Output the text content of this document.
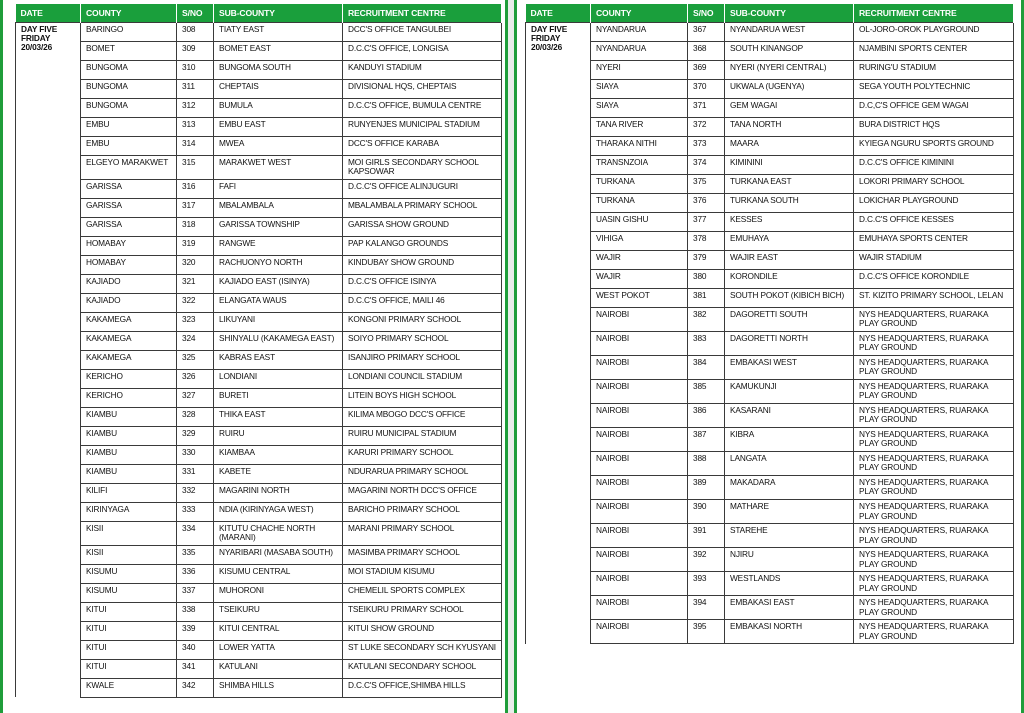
DATE	COUNTY	S/NO	SUB-COUNTY	RECRUITMENT CENTRE

DAY FIVE
FRIDAY
20/03/26	BARINGO	308	TIATY EAST	DCC'S OFFICE TANGULBEI
	BOMET	309	BOMET EAST	D.C.C'S OFFICE, LONGISA
	BUNGOMA	310	BUNGOMA SOUTH	KANDUYI STADIUM
	BUNGOMA	311	CHEPTAIS	DIVISIONAL HQS, CHEPTAIS
	BUNGOMA	312	BUMULA	D.C.C'S OFFICE, BUMULA CENTRE
	EMBU	313	EMBU EAST	RUNYENJES MUNICIPAL STADIUM
	EMBU	314	MWEA	DCC'S OFFICE KARABA
	ELGEYO MARAKWET	315	MARAKWET WEST	MOI GIRLS SECONDARY SCHOOL KAPSOWAR
	GARISSA	316	FAFI	D.C.C'S OFFICE ALINJUGURI
	GARISSA	317	MBALAMBALA	MBALAMBALA PRIMARY SCHOOL
	GARISSA	318	GARISSA TOWNSHIP	GARISSA SHOW GROUND
	HOMABAY	319	RANGWE	PAP KALANGO GROUNDS
	HOMABAY	320	RACHUONYO NORTH	KINDUBAY SHOW GROUND
	KAJIADO	321	KAJIADO EAST (ISINYA)	D.C.C'S OFFICE ISINYA
	KAJIADO	322	ELANGATA WAUS	D.C.C'S OFFICE, MAILI 46
	KAKAMEGA	323	LIKUYANI	KONGONI PRIMARY SCHOOL
	KAKAMEGA	324	SHINYALU (KAKAMEGA EAST)	SOIYO PRIMARY SCHOOL
	KAKAMEGA	325	KABRAS EAST	ISANJIRO PRIMARY SCHOOL
	KERICHO	326	LONDIANI	LONDIANI COUNCIL STADIUM
	KERICHO	327	BURETI	LITEIN BOYS HIGH SCHOOL
	KIAMBU	328	THIKA EAST	KILIMA MBOGO DCC'S OFFICE
	KIAMBU	329	RUIRU	RUIRU MUNICIPAL STADIUM
	KIAMBU	330	KIAMBAA	KARURI PRIMARY SCHOOL
	KIAMBU	331	KABETE	NDURARUA PRIMARY SCHOOL
	KILIFI	332	MAGARINI NORTH	MAGARINI NORTH DCC'S OFFICE
	KIRINYAGA	333	NDIA (KIRINYAGA WEST)	BARICHO PRIMARY SCHOOL
	KISII	334	KITUTU CHACHE NORTH (MARANI)	MARANI PRIMARY SCHOOL
	KISII	335	NYARIBARI (MASABA SOUTH)	MASIMBA PRIMARY SCHOOL
	KISUMU	336	KISUMU CENTRAL	MOI STADIUM KISUMU
	KISUMU	337	MUHORONI	CHEMELIL SPORTS COMPLEX
	KITUI	338	TSEIKURU	TSEIKURU PRIMARY SCHOOL
	KITUI	339	KITUI CENTRAL	KITUI SHOW GROUND
	KITUI	340	LOWER YATTA	ST LUKE SECONDARY SCH KYUSYANI
	KITUI	341	KATULANI	KATULANI SECONDARY SCHOOL
	KWALE	342	SHIMBA HILLS	D.C.C'S OFFICE,SHIMBA HILLS
DATE	COUNTY	S/NO	SUB-COUNTY	RECRUITMENT CENTRE

DAY FIVE
FRIDAY
20/03/26	NYANDARUA	367	NYANDARUA WEST	OL-JORO-OROK PLAYGROUND
	NYANDARUA	368	SOUTH KINANGOP	NJAMBINI SPORTS CENTER
	NYERI	369	NYERI (NYERI CENTRAL)	RURING'U STADIUM
	SIAYA	370	UKWALA (UGENYA)	SEGA YOUTH POLYTECHNIC
	SIAYA	371	GEM WAGAI	D.C,C'S OFFICE GEM WAGAI
	TANA RIVER	372	TANA NORTH	BURA DISTRICT HQS
	THARAKA NITHI	373	MAARA	KYIEGA NGURU SPORTS GROUND
	TRANSNZOIA	374	KIMININI	D.C.C'S OFFICE KIMININI
	TURKANA	375	TURKANA EAST	LOKORI PRIMARY SCHOOL
	TURKANA	376	TURKANA SOUTH	LOKICHAR PLAYGROUND
	UASIN GISHU	377	KESSES	D.C.C'S OFFICE KESSES
	VIHIGA	378	EMUHAYA	EMUHAYA SPORTS CENTER
	WAJIR	379	WAJIR EAST	WAJIR STADIUM
	WAJIR	380	KORONDILE	D.C.C'S OFFICE KORONDILE
	WEST POKOT	381	SOUTH POKOT (KIBICH BICH)	ST. KIZITO PRIMARY SCHOOL, LELAN
	NAIROBI	382	DAGORETTI SOUTH	NYS HEADQUARTERS, RUARAKA PLAY GROUND
	NAIROBI	383	DAGORETTI NORTH	NYS HEADQUARTERS, RUARAKA PLAY GROUND
	NAIROBI	384	EMBAKASI WEST	NYS HEADQUARTERS, RUARAKA PLAY GROUND
	NAIROBI	385	KAMUKUNJI	NYS HEADQUARTERS, RUARAKA PLAY GROUND
	NAIROBI	386	KASARANI	NYS HEADQUARTERS, RUARAKA PLAY GROUND
	NAIROBI	387	KIBRA	NYS HEADQUARTERS, RUARAKA PLAY GROUND
	NAIROBI	388	LANGATA	NYS HEADQUARTERS, RUARAKA PLAY GROUND
	NAIROBI	389	MAKADARA	NYS HEADQUARTERS, RUARAKA PLAY GROUND
	NAIROBI	390	MATHARE	NYS HEADQUARTERS, RUARAKA PLAY GROUND
	NAIROBI	391	STAREHE	NYS HEADQUARTERS, RUARAKA PLAY GROUND
	NAIROBI	392	NJIRU	NYS HEADQUARTERS, RUARAKA PLAY GROUND
	NAIROBI	393	WESTLANDS	NYS HEADQUARTERS, RUARAKA PLAY GROUND
	NAIROBI	394	EMBAKASI EAST	NYS HEADQUARTERS, RUARAKA PLAY GROUND
	NAIROBI	395	EMBAKASI NORTH	NYS HEADQUARTERS, RUARAKA PLAY GROUND
